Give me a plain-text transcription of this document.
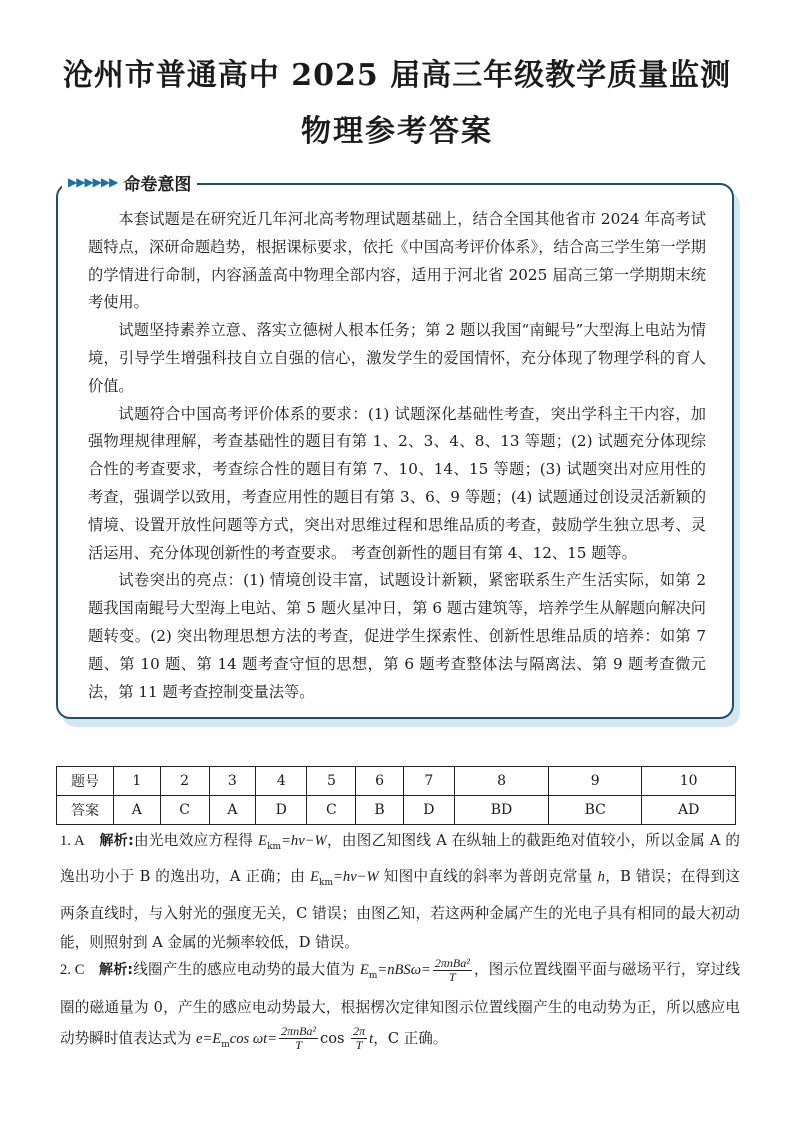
沧州市普通高中 2025 届高三年级教学质量监测
物理参考答案
▶▶▶▶▶▶ 命卷意图

本套试题是在研究近几年河北高考物理试题基础上，结合全国其他省市 2024 年高考试题特点，深研命题趋势，根据课标要求，依托《中国高考评价体系》，结合高三学生第一学期的学情进行命制，内容涵盖高中物理全部内容，适用于河北省 2025 届高三第一学期期末统考使用。

试题坚持素养立意、落实立德树人根本任务；第 2 题以我国“南鲲号”大型海上电站为情境，引导学生增强科技自立自强的信心，激发学生的爱国情怀，充分体现了物理学科的育人价值。

试题符合中国高考评价体系的要求：(1) 试题深化基础性考查，突出学科主干内容，加强物理规律理解，考查基础性的题目有第 1、2、3、4、8、13 等题；(2) 试题充分体现综合性的考查要求，考查综合性的题目有第 7、10、14、15 等题；(3) 试题突出对应用性的考查，强调学以致用，考查应用性的题目有第 3、6、9 等题；(4) 试题通过创设灵活新颖的情境、设置开放性问题等方式，突出对思维过程和思维品质的考查，鼓励学生独立思考、灵活运用、充分体现创新性的考查要求。 考查创新性的题目有第 4、12、15 题等。

试卷突出的亮点：(1) 情境创设丰富，试题设计新颖，紧密联系生产生活实际，如第 2 题我国南鲲号大型海上电站、第 5 题火星冲日，第 6 题古建筑等，培养学生从解题向解决问题转变。(2) 突出物理思想方法的考查，促进学生探索性、创新性思维品质的培养：如第 7 题、第 10 题、第 14 题考查守恒的思想，第 6 题考查整体法与隔离法、第 9 题考查微元法，第 11 题考查控制变量法等。

题号	1	2	3	4	5	6	7	8	9	10
答案	A	C	A	D	C	B	D	BD	BC	AD
1. A 解析:由光电效应方程得 $E_{km}=h\nu-W$，由图乙知图线 A 在纵轴上的截距绝对值较小，所以金属 A 的逸出功小于 B 的逸出功，A 正确；由 $E_{km}=h\nu-W$ 知图中直线的斜率为普朗克常量 h，B 错误；在得到这两条直线时，与入射光的强度无关，C 错误；由图乙知，若这两种金属产生的光电子具有相同的最大初动能，则照射到 A 金属的光频率较低，D 错误。
2. C 解析:线圈产生的感应电动势的最大值为 $E_m=nBS\omega= \frac{\text{2πnBa²}}{T}$ ，图示位置线圈平面与磁场平行，穿过线圈的磁通量为 0，产生的感应电动势最大，根据楞次定律知图示位置线圈产生的电动势为正，所以感应电动势瞬时值表达式为 $e=E_m\cos$ $\omega t= \frac{\text{2πnBa²}}{T}$ $\cos \frac{2\pi}{T}$ t，C 正确。
